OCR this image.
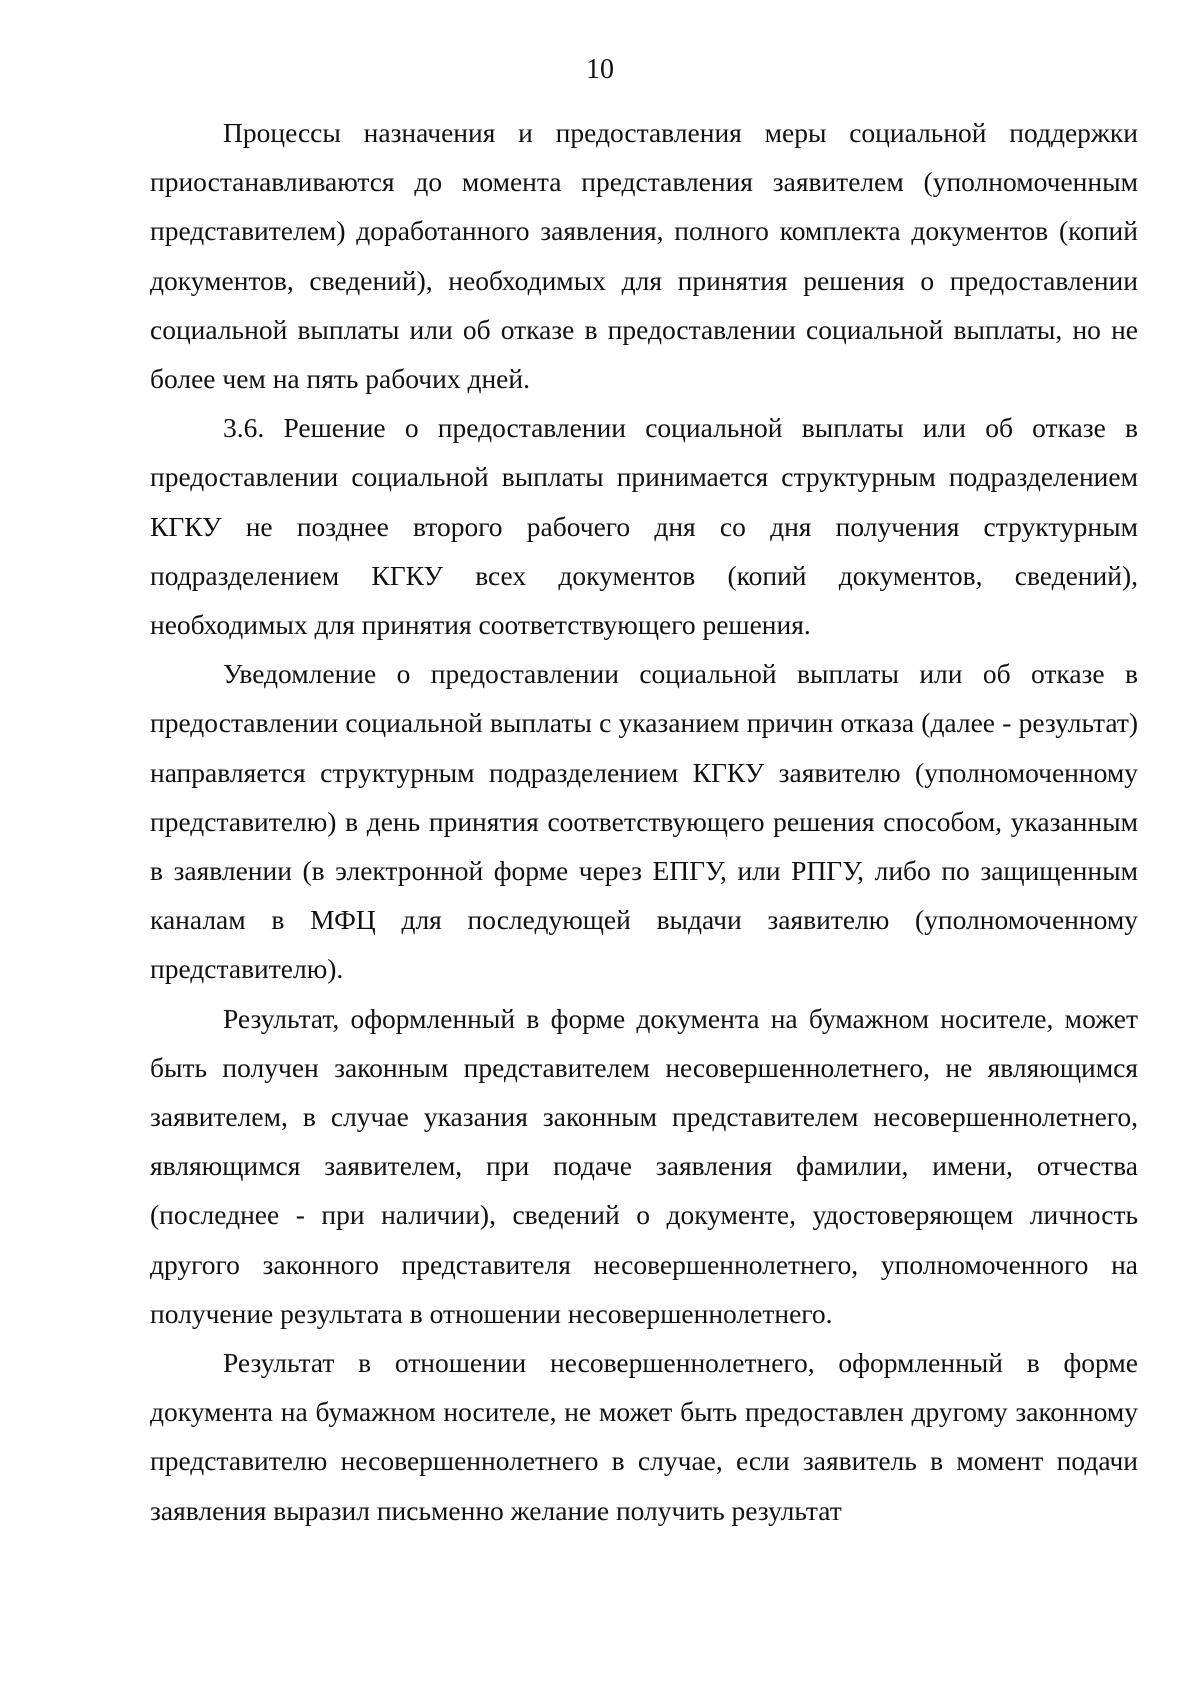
10

Процессы назначения и предоставления меры социальной поддержки приостанавливаются до момента представления заявителем (уполномоченным представителем) доработанного заявления, полного комплекта документов (копий документов, сведений), необходимых для принятия решения о предоставлении социальной выплаты или об отказе в предоставлении социальной выплаты, но не более чем на пять рабочих дней.

3.6. Решение о предоставлении социальной выплаты или об отказе в предоставлении социальной выплаты принимается структурным подразделением КГКУ не позднее второго рабочего дня со дня получения структурным подразделением КГКУ всех документов (копий документов, сведений), необходимых для принятия соответствующего решения.

Уведомление о предоставлении социальной выплаты или об отказе в предоставлении социальной выплаты с указанием причин отказа (далее - результат) направляется структурным подразделением КГКУ заявителю (уполномоченному представителю) в день принятия соответствующего решения способом, указанным в заявлении (в электронной форме через ЕПГУ, или РПГУ, либо по защищенным каналам в МФЦ для последующей выдачи заявителю (уполномоченному представителю).

Результат, оформленный в форме документа на бумажном носителе, может быть получен законным представителем несовершеннолетнего, не являющимся заявителем, в случае указания законным представителем несовершеннолетнего, являющимся заявителем, при подаче заявления фамилии, имени, отчества (последнее - при наличии), сведений о документе, удостоверяющем личность другого законного представителя несовершеннолетнего, уполномоченного на получение результата в отношении несовершеннолетнего.

Результат в отношении несовершеннолетнего, оформленный в форме документа на бумажном носителе, не может быть предоставлен другому законному представителю несовершеннолетнего в случае, если заявитель в момент подачи заявления выразил письменно желание получить результат
